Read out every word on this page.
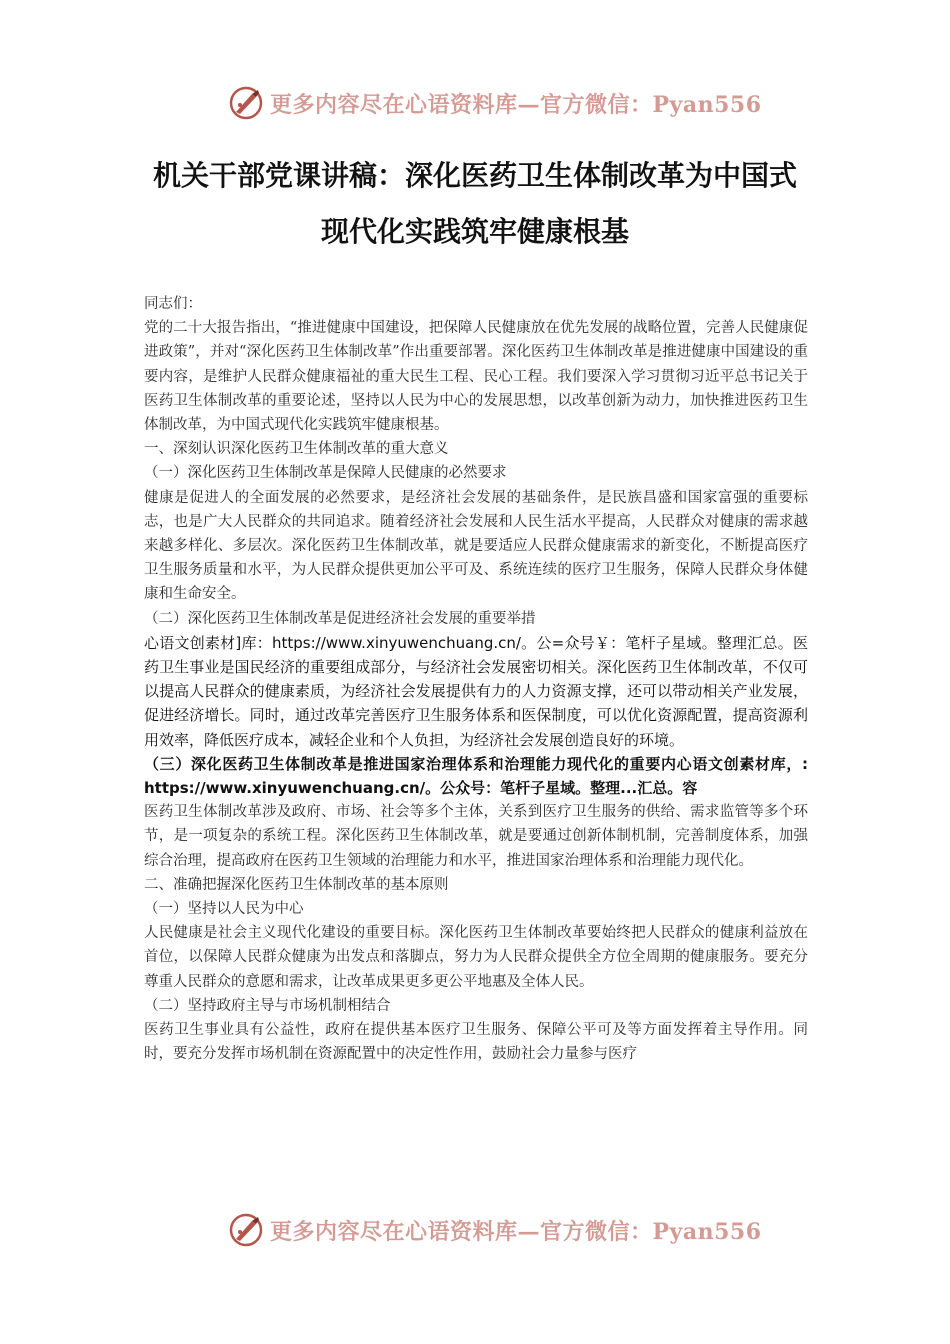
更多内容尽在心语资料库—官方微信：Pyan556
机关干部党课讲稿：深化医药卫生体制改革为中国式
现代化实践筑牢健康根基

同志们：

党的二十大报告指出，“推进健康中国建设，把保障人民健康放在优先发展的战略位置，完善人民健康促进政策”，并对“深化医药卫生体制改革”作出重要部署。深化医药卫生体制改革是推进健康中国建设的重要内容，是维护人民群众健康福祉的重大民生工程、民心工程。我们要深入学习贯彻习近平总书记关于医药卫生体制改革的重要论述，坚持以人民为中心的发展思想，以改革创新为动力，加快推进医药卫生体制改革，为中国式现代化实践筑牢健康根基。

一、深刻认识深化医药卫生体制改革的重大意义

（一）深化医药卫生体制改革是保障人民健康的必然要求

健康是促进人的全面发展的必然要求，是经济社会发展的基础条件，是民族昌盛和国家富强的重要标志，也是广大人民群众的共同追求。随着经济社会发展和人民生活水平提高，人民群众对健康的需求越来越多样化、多层次。深化医药卫生体制改革，就是要适应人民群众健康需求的新变化，不断提高医疗卫生服务质量和水平，为人民群众提供更加公平可及、系统连续的医疗卫生服务，保障人民群众身体健康和生命安全。

（二）深化医药卫生体制改革是促进经济社会发展的重要举措

心语文创素材]库：https://www.xinyuwenchuang.cn/。公=众号￥：笔杆子星域。整理汇总。医药卫生事业是国民经济的重要组成部分，与经济社会发展密切相关。深化医药卫生体制改革，不仅可以提高人民群众的健康素质，为经济社会发展提供有力的人力资源支撑，还可以带动相关产业发展，促进经济增长。同时，通过改革完善医疗卫生服务体系和医保制度，可以优化资源配置，提高资源利用效率，降低医疗成本，减轻企业和个人负担，为经济社会发展创造良好的环境。

（三）深化医药卫生体制改革是推进国家治理体系和治理能力现代化的重要内心语文创素材库，: https://www.xinyuwenchuang.cn/。公众号：笔杆子星域。整理...汇总。容

医药卫生体制改革涉及政府、市场、社会等多个主体，关系到医疗卫生服务的供给、需求监管等多个环节，是一项复杂的系统工程。深化医药卫生体制改革，就是要通过创新体制机制，完善制度体系，加强综合治理，提高政府在医药卫生领域的治理能力和水平，推进国家治理体系和治理能力现代化。

二、准确把握深化医药卫生体制改革的基本原则

（一）坚持以人民为中心

人民健康是社会主义现代化建设的重要目标。深化医药卫生体制改革要始终把人民群众的健康利益放在首位，以保障人民群众健康为出发点和落脚点，努力为人民群众提供全方位全周期的健康服务。要充分尊重人民群众的意愿和需求，让改革成果更多更公平地惠及全体人民。

（二）坚持政府主导与市场机制相结合

医药卫生事业具有公益性，政府在提供基本医疗卫生服务、保障公平可及等方面发挥着主导作用。同时，要充分发挥市场机制在资源配置中的决定性作用，鼓励社会力量参与医疗

更多内容尽在心语资料库—官方微信：Pyan556
